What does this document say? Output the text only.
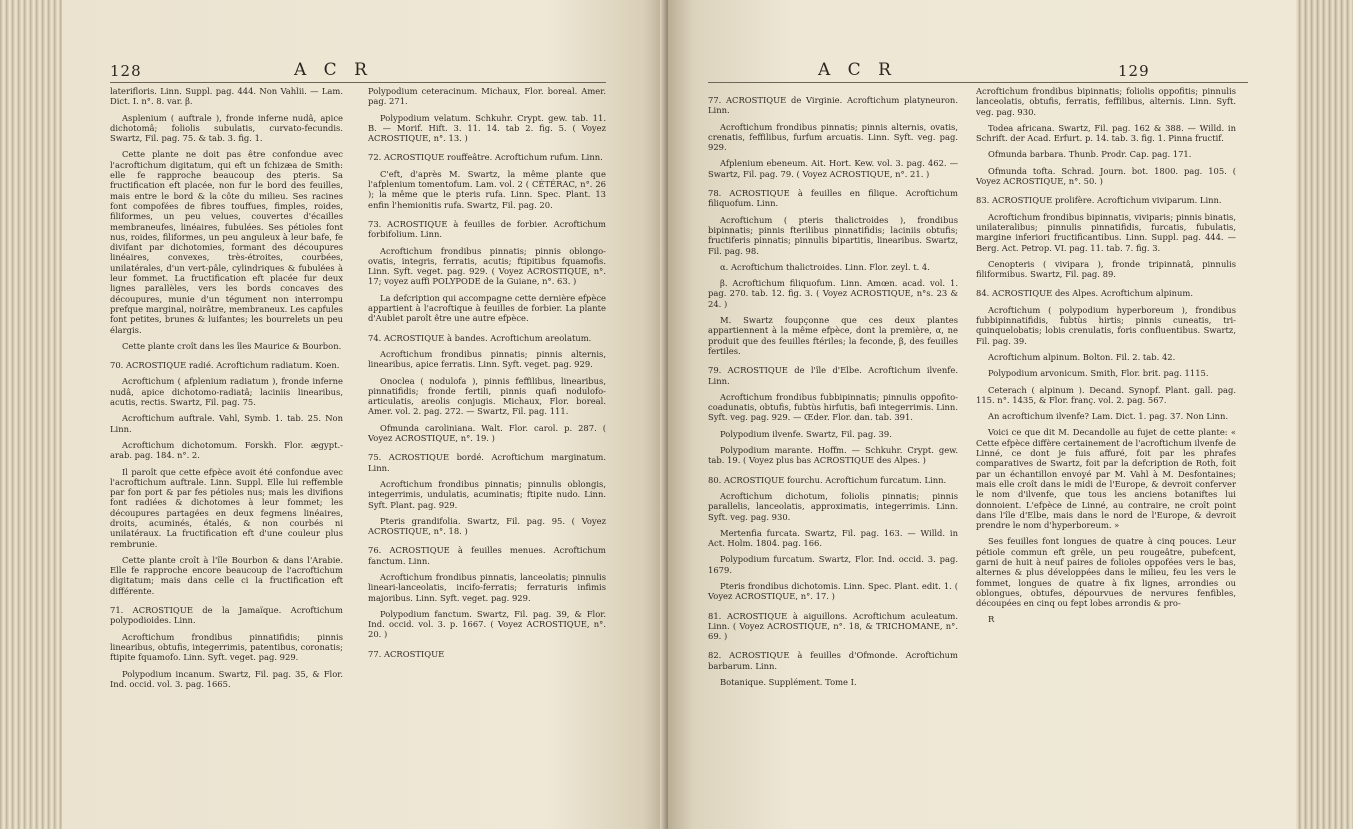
128	A C R

laterifloris. Linn. Suppl. pag. 444. Non Vahlii. — Lam. Dict. I. n°. 8. var. β.

Asplenium ( auftrale ), fronde inferne nudâ, apice dichotomâ; foliolis subulatis, curvato-fecundis. Swartz, Fil. pag. 75. & tab. 3. fig. 1.

Cette plante ne doit pas être confondue avec l'acroftichum digitatum, qui eft un fchizæa de Smith: elle fe rapproche beaucoup des pteris. Sa fructification eft placée, non fur le bord des feuilles, mais entre le bord & la côte du milieu. Ses racines font compofées de fibres touffues, fimples, roides, filiformes, un peu velues, couvertes d'écailles membraneufes, linéaires, fubulées. Ses pétioles font nus, roides, filiformes, un peu anguleux à leur bafe, fe divifant par dichotomies, formant des découpures linéaires, convexes, très-étroites, courbées, unilatérales, d'un vert-pâle, cylindriques & fubulées à leur fommet. La fructification eft placée fur deux lignes parallèles, vers les bords concaves des découpures, munie d'un tégument non interrompu prefque marginal, noirâtre, membraneux. Les capfules font petites, brunes & luifantes; les bourrelets un peu élargis.

Cette plante croît dans les îles Maurice & Bourbon.

70. ACROSTIQUE radié. Acroftichum radiatum. Koen.

Acroftichum ( afplenium radiatum ), fronde inferne nudâ, apice dichotomo-radiatâ; laciniis linearibus, acutis, rectis. Swartz, Fil. pag. 75.

Acroftichum auftrale. Vahl, Symb. 1. tab. 25. Non Linn.

Acroftichum dichotomum. Forskh. Flor. ægypt.-arab. pag. 184. n°. 2.

Il paroît que cette efpèce avoit été confondue avec l'acroftichum auftrale. Linn. Suppl. Elle lui reffemble par fon port & par fes pétioles nus; mais les divifions font radiées & dichotomes à leur fommet; les découpures partagées en deux fegmens linéaires, droits, acuminés, étalés, & non courbés ni unilatéraux. La fructification eft d'une couleur plus rembrunie.

Cette plante croît à l'île Bourbon & dans l'Arabie. Elle fe rapproche encore beaucoup de l'acroftichum digitatum; mais dans celle ci la fructification eft différente.

71. ACROSTIQUE de la Jamaïque. Acroftichum polypodioides. Linn.

Acroftichum frondibus pinnatifidis; pinnis linearibus, obtufis, integerrimis, patentibus, coronatis; ftipite fquamofo. Linn. Syft. veget. pag. 929.

Polypodium incanum. Swartz, Fil. pag. 35, & Flor. Ind. occid. vol. 3. pag. 1665.

Polypodium ceteracinum. Michaux, Flor. boreal. Amer. pag. 271.

Polypodium velatum. Schkuhr. Crypt. gew. tab. 11. B. — Morif. Hift. 3. 11. 14. tab 2. fig. 5. ( Voyez ACROSTIQUE, n°. 13. )

72. ACROSTIQUE rouffeâtre. Acroftichum rufum. Linn.

C'eft, d'après M. Swartz, la même plante que l'afplenium tomentofum. Lam. vol. 2 ( CÉTÉRAC, n°. 26 ); la même que le pteris rufa. Linn. Spec. Plant. 13 enfin l'hemionitis rufa. Swartz, Fil. pag. 20.

73. ACROSTIQUE à feuilles de forbier. Acroftichum forbifolium. Linn.

Acroftichum frondibus pinnatis; pinnis oblongo-ovatis, integris, ferratis, acutis; ftipitibus fquamofis. Linn. Syft. veget. pag. 929. ( Voyez ACROSTIQUE, n°. 17; voyez auffi POLYPODE de la Guiane, n°. 63. )

La defcription qui accompagne cette dernière efpèce appartient à l'acroftique à feuilles de forbier. La plante d'Aublet paroît être une autre efpèce.

74. ACROSTIQUE à bandes. Acroftichum areolatum.

Acroftichum frondibus pinnatis; pinnis alternis, linearibus, apice ferratis. Linn. Syft. veget. pag. 929.

Onoclea ( nodulofa ), pinnis feffilibus, linearibus, pinnatifidis; fronde fertili, pinnis quafi nodulofo-articulatis, areolis conjugis. Michaux, Flor. boreal. Amer. vol. 2. pag. 272. — Swartz, Fil. pag. 111.

Ofmunda caroliniana. Walt. Flor. carol. p. 287. ( Voyez ACROSTIQUE, n°. 19. )

75. ACROSTIQUE bordé. Acroftichum marginatum. Linn.

Acroftichum frondibus pinnatis; pinnulis oblongis, integerrimis, undulatis, acuminatis; ftipite nudo. Linn. Syft. Plant. pag. 929.

Pteris grandifolia. Swartz, Fil. pag. 95. ( Voyez ACROSTIQUE, n°. 18. )

76. ACROSTIQUE à feuilles menues. Acroftichum fanctum. Linn.

Acroftichum frondibus pinnatis, lanceolatis; pinnulis lineari-lanceolatis, incifo-ferratis; ferraturis infimis majoribus. Linn. Syft. veget. pag. 929.

Polypodium fanctum. Swartz, Fil. pag. 39, & Flor. Ind. occid. vol. 3. p. 1667. ( Voyez ACROSTIQUE, n°. 20. )

77. ACROSTIQUE

A C R	129

77. ACROSTIQUE de Virginie. Acroftichum platyneuron. Linn.

Acroftichum frondibus pinnatis; pinnis alternis, ovatis, crenatis, feffilibus, furfum arcuatis. Linn. Syft. veg. pag. 929.

Afplenium ebeneum. Ait. Hort. Kew. vol. 3. pag. 462. — Swartz, Fil. pag. 79. ( Voyez ACROSTIQUE, n°. 21. )

78. ACROSTIQUE à feuilles en filique. Acroftichum filiquofum. Linn.

Acroftichum ( pteris thalictroides ), frondibus bipinnatis; pinnis fterilibus pinnatifidis; laciniis obtufis; fructiferis pinnatis; pinnulis bipartitis, linearibus. Swartz, Fil. pag. 98.

α. Acroftichum thalictroides. Linn. Flor. zeyl. t. 4.

β. Acroftichum filiquofum. Linn. Amœn. acad. vol. 1. pag. 270. tab. 12. fig. 3. ( Voyez ACROSTIQUE, n°s. 23 & 24. )

M. Swartz foupçonne que ces deux plantes appartiennent à la même efpèce, dont la première, α, ne produit que des feuilles ftériles; la feconde, β, des feuilles fertiles.

79. ACROSTIQUE de l'île d'Elbe. Acroftichum ilvenfe. Linn.

Acroftichum frondibus fubbipinnatis; pinnulis oppofito-coadunatis, obtufis, fubtùs hirfutis, bafi integerrimis. Linn. Syft. veg. pag. 929. — Œder. Flor. dan. tab. 391.

Polypodium ilvenfe. Swartz, Fil. pag. 39.

Polypodium marante. Hoffm. — Schkuhr. Crypt. gew. tab. 19. ( Voyez plus bas ACROSTIQUE des Alpes. )

80. ACROSTIQUE fourchu. Acroftichum furcatum. Linn.

Acroftichum dichotum, foliolis pinnatis; pinnis parallelis, lanceolatis, approximatis, integerrimis. Linn. Syft. veg. pag. 930.

Mertenfia furcata. Swartz, Fil. pag. 163. — Willd. in Act. Holm. 1804. pag. 166.

Polypodium furcatum. Swartz, Flor. Ind. occid. 3. pag. 1679.

Pteris frondibus dichotomis. Linn. Spec. Plant. edit. 1. ( Voyez ACROSTIQUE, n°. 17. )

81. ACROSTIQUE à aiguillons. Acroftichum aculeatum. Linn. ( Voyez ACROSTIQUE, n°. 18, & TRICHOMANE, n°. 69. )

82. ACROSTIQUE à feuilles d'Ofmonde. Acroftichum barbarum. Linn.

Botanique. Supplément. Tome I.

Acroftichum frondibus bipinnatis; foliolis oppofitis; pinnulis lanceolatis, obtufis, ferratis, feffilibus, alternis. Linn. Syft. veg. pag. 930.

Todea africana. Swartz, Fil. pag. 162 & 388. — Willd. in Schrift. der Acad. Erfurt. p. 14. tab. 3. fig. 1. Pinna fructif.

Ofmunda barbara. Thunb. Prodr. Cap. pag. 171.

Ofmunda tofta. Schrad. Journ. bot. 1800. pag. 105. ( Voyez ACROSTIQUE, n°. 50. )

83. ACROSTIQUE prolifère. Acroftichum viviparum. Linn.

Acroftichum frondibus bipinnatis, viviparis; pinnis binatis, unilateralibus; pinnulis pinnatifidis, furcatis, fubulatis, margine inferiori fructificantibus. Linn. Suppl. pag. 444. — Berg. Act. Petrop. VI. pag. 11. tab. 7. fig. 3.

Cenopteris ( vivipara ), fronde tripinnatâ, pinnulis filiformibus. Swartz, Fil. pag. 89.

84. ACROSTIQUE des Alpes. Acroftichum alpinum.

Acroftichum ( polypodium hyperboreum ), frondibus fubbipinnatifidis, fubtùs hirtis; pinnis cuneatis, tri-quinquelobatis; lobis crenulatis, foris confluentibus. Swartz, Fil. pag. 39.

Acroftichum alpinum. Bolton. Fil. 2. tab. 42.

Polypodium arvonicum. Smith, Flor. brit. pag. 1115.

Ceterach ( alpinum ). Decand. Synopf. Plant. gall. pag. 115. n°. 1435, & Flor. franç. vol. 2. pag. 567.

An acroftichum ilvenfe? Lam. Dict. 1. pag. 37. Non Linn.

Voici ce que dit M. Decandolle au fujet de cette plante: « Cette efpèce diffère certainement de l'acroftichum ilvenfe de Linné, ce dont je fuis affuré, foit par les phrafes comparatives de Swartz, foit par la defcription de Roth, foit par un échantillon envoyé par M. Vahl à M. Desfontaines; mais elle croît dans le midi de l'Europe, & devroit conferver le nom d'ilvenfe, que tous les anciens botaniftes lui donnoient. L'efpèce de Linné, au contraire, ne croît point dans l'île d'Elbe, mais dans le nord de l'Europe, & devroit prendre le nom d'hyperboreum. »

Ses feuilles font longues de quatre à cinq pouces. Leur pétiole commun eft grêle, un peu rougeâtre, pubefcent, garni de huit à neuf paires de folioles oppofées vers le bas, alternes & plus développées dans le milieu, feu les vers le fommet, longues de quatre à fix lignes, arrondies ou oblongues, obtufes, dépourvues de nervures fenfibles, découpées en cinq ou fept lobes arrondis & pro-

R
